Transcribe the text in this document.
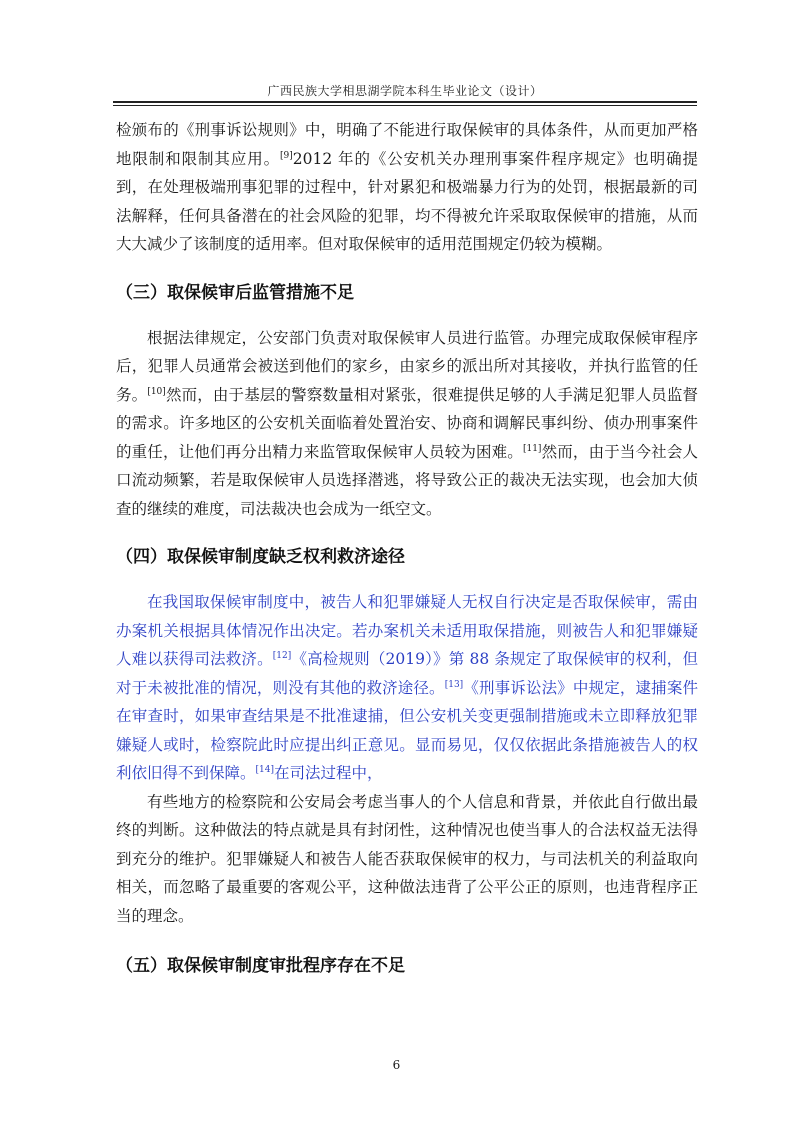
广西民族大学相思湖学院本科生毕业论文（设计）

检颁布的《刑事诉讼规则》中，明确了不能进行取保候审的具体条件，从而更加严格地限制和限制其应用。[9]2012 年的《公安机关办理刑事案件程序规定》也明确提到，在处理极端刑事犯罪的过程中，针对累犯和极端暴力行为的处罚，根据最新的司法解释，任何具备潜在的社会风险的犯罪，均不得被允许采取取保候审的措施，从而大大减少了该制度的适用率。但对取保候审的适用范围规定仍较为模糊。

（三）取保候审后监管措施不足

根据法律规定，公安部门负责对取保候审人员进行监管。办理完成取保候审程序后，犯罪人员通常会被送到他们的家乡，由家乡的派出所对其接收，并执行监管的任务。[10]然而，由于基层的警察数量相对紧张，很难提供足够的人手满足犯罪人员监督的需求。许多地区的公安机关面临着处置治安、协商和调解民事纠纷、侦办刑事案件的重任，让他们再分出精力来监管取保候审人员较为困难。[11]然而，由于当今社会人口流动频繁，若是取保候审人员选择潜逃，将导致公正的裁决无法实现，也会加大侦查的继续的难度，司法裁决也会成为一纸空文。

（四）取保候审制度缺乏权利救济途径

在我国取保候审制度中，被告人和犯罪嫌疑人无权自行决定是否取保候审，需由办案机关根据具体情况作出决定。若办案机关未适用取保措施，则被告人和犯罪嫌疑人难以获得司法救济。[12]《高检规则（2019）》第 88 条规定了取保候审的权利，但对于未被批准的情况，则没有其他的救济途径。[13]《刑事诉讼法》中规定，逮捕案件在审查时，如果审查结果是不批准逮捕，但公安机关变更强制措施或未立即释放犯罪嫌疑人或时，检察院此时应提出纠正意见。显而易见，仅仅依据此条措施被告人的权利依旧得不到保障。[14]在司法过程中，

有些地方的检察院和公安局会考虑当事人的个人信息和背景，并依此自行做出最终的判断。这种做法的特点就是具有封闭性，这种情况也使当事人的合法权益无法得到充分的维护。犯罪嫌疑人和被告人能否获取保候审的权力，与司法机关的利益取向相关，而忽略了最重要的客观公平，这种做法违背了公平公正的原则，也违背程序正当的理念。

（五）取保候审制度审批程序存在不足
6
